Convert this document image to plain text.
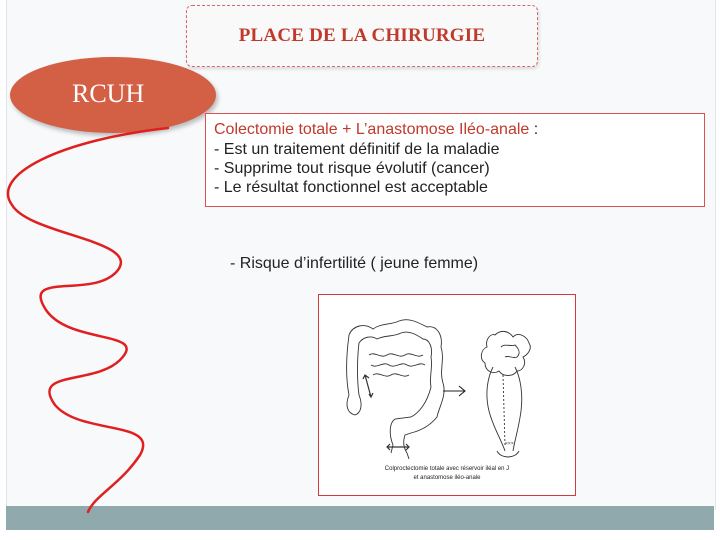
PLACE DE LA CHIRURGIE
RCUH
Colectomie totale + L’anastomose Iléo-anale :
- Est un traitement définitif de la maladie
- Supprime tout risque évolutif (cancer)
- Le résultat fonctionnel est acceptable
- Risque d’infertilité ( jeune femme)
×××
Colproctectomie totale avec réservoir iléal en J
et anastomose iléo-anale
